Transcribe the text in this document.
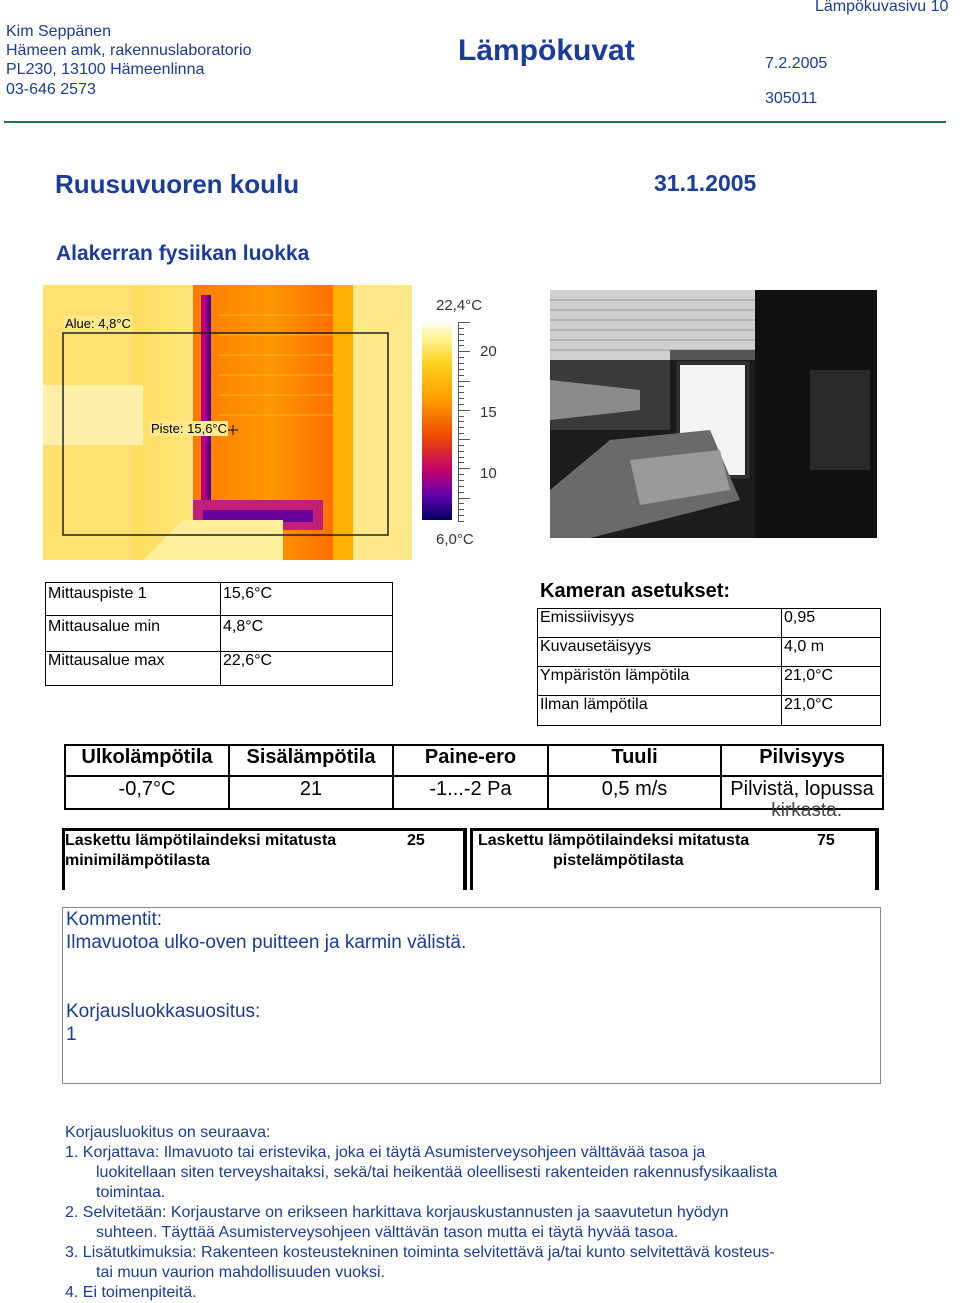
Kim Seppänen
Hämeen amk, rakennuslaboratorio
PL230, 13100 Hämeenlinna
03-646 2573
Lämpökuvat
Lämpökuvasivu 10
7.2.2005
305011
Ruusuvuoren koulu	31.1.2005
Alakerran fysiikan luokka
Alue: 4,8°C
Piste: 15,6°C
22,4°C
20
15
10
6,0°C
Mittauspiste 1	15,6°C
Mittausalue min	4,8°C
Mittausalue max	22,6°C
Kameran asetukset:
Emissiivisyys	0,95
Kuvausetäisyys	4,0 m
Ympäristön lämpötila	21,0°C
Ilman lämpötila	21,0°C
Ulkolämpötila	Sisälämpötila	Paine-ero	Tuuli	Pilvisyys
-0,7°C	21	-1...-2 Pa	0,5 m/s	Pilvistä, lopussa
kirkasta.
Laskettu lämpötilaindeksi mitatusta
minimilämpötilasta
25	Laskettu lämpötilaindeksi mitatusta
pistelämpötilasta
75
Kommentit:
Ilmavuotoa ulko-oven puitteen ja karmin välistä.
Korjausluokkasuositus:
1
Korjausluokitus on seuraava:
1. Korjattava: Ilmavuoto tai eristevika, joka ei täytä Asumisterveysohjeen välttävää tasoa ja
luokitellaan siten terveyshaitaksi, sekä/tai heikentää oleellisesti rakenteiden rakennusfysikaalista
toimintaa.
2. Selvitetään: Korjaustarve on erikseen harkittava korjauskustannusten ja saavutetun hyödyn
suhteen. Täyttää Asumisterveysohjeen välttävän tason mutta ei täytä hyvää tasoa.
3. Lisätutkimuksia: Rakenteen kosteustekninen toiminta selvitettävä ja/tai kunto selvitettävä kosteus-
tai muun vaurion mahdollisuuden vuoksi.
4. Ei toimenpiteitä.
